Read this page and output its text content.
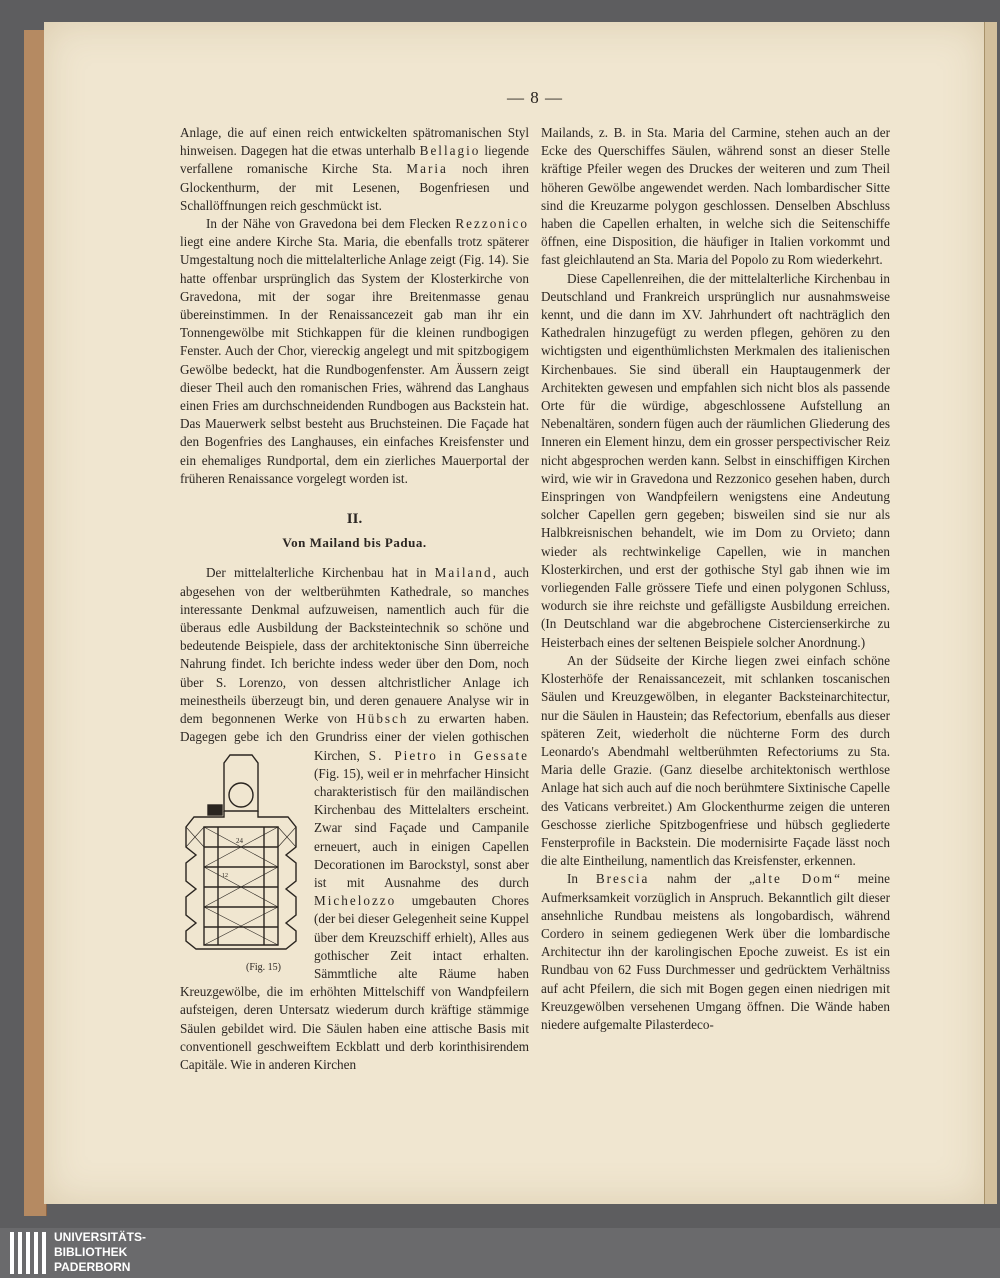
— 8 —

Anlage, die auf einen reich entwickelten spätromanischen Styl hinweisen. Dagegen hat die etwas unterhalb Bellagio liegende verfallene romanische Kirche Sta. Maria noch ihren Glockenthurm, der mit Lesenen, Bogenfriesen und Schallöffnungen reich geschmückt ist.

In der Nähe von Gravedona bei dem Flecken Rezzonico liegt eine andere Kirche Sta. Maria, die ebenfalls trotz späterer Umgestaltung noch die mittelalterliche Anlage zeigt (Fig. 14). Sie hatte offenbar ursprünglich das System der Klosterkirche von Gravedona, mit der sogar ihre Breitenmasse genau übereinstimmen. In der Renaissancezeit gab man ihr ein Tonnengewölbe mit Stichkappen für die kleinen rundbogigen Fenster. Auch der Chor, viereckig angelegt und mit spitzbogigem Gewölbe bedeckt, hat die Rundbogenfenster. Am Äussern zeigt dieser Theil auch den romanischen Fries, während das Langhaus einen Fries am durchschneidenden Rundbogen aus Backstein hat. Das Mauerwerk selbst besteht aus Bruchsteinen. Die Façade hat den Bogenfries des Langhauses, ein einfaches Kreisfenster und ein ehemaliges Rundportal, dem ein zierliches Mauerportal der früheren Renaissance vorgelegt worden ist.

II.
Von Mailand bis Padua.

Der mittelalterliche Kirchenbau hat in Mailand, auch abgesehen von der weltberühmten Kathedrale, so manches interessante Denkmal aufzuweisen, namentlich auch für die überaus edle Ausbildung der Backsteintechnik so schöne und bedeutende Beispiele, dass der architektonische Sinn überreiche Nahrung findet. Ich berichte indess weder über den Dom, noch über S. Lorenzo, von dessen altchristlicher Anlage ich meinestheils überzeugt bin, und deren genauere Analyse wir in dem begonnenen Werke von Hübsch zu erwarten haben. Dagegen gebe ich den Grundriss einer der vielen gothischen Kirchen, S. Pietro in Gessate
24
12
(Fig. 15)
(Fig. 15), weil er in mehrfacher Hinsicht charakteristisch für den mailändischen Kirchenbau des Mittelalters erscheint. Zwar sind Façade und Campanile erneuert, auch in einigen Capellen Decorationen im Barockstyl, sonst aber ist mit Ausnahme des durch Michelozzo umgebauten Chores (der bei dieser Gelegenheit seine Kuppel über dem Kreuzschiff erhielt), Alles aus gothischer Zeit intact erhalten. Sämmtliche alte Räume haben Kreuzgewölbe, die im erhöhten Mittelschiff von Wandpfeilern aufsteigen, deren Untersatz wiederum durch kräftige stämmige Säulen gebildet wird. Die Säulen haben eine attische Basis mit conventionell geschweiftem Eckblatt und derb korinthisirendem Capitäle. Wie in anderen Kirchen

Mailands, z. B. in Sta. Maria del Carmine, stehen auch an der Ecke des Querschiffes Säulen, während sonst an dieser Stelle kräftige Pfeiler wegen des Druckes der weiteren und zum Theil höheren Gewölbe angewendet werden. Nach lombardischer Sitte sind die Kreuzarme polygon geschlossen. Denselben Abschluss haben die Capellen erhalten, in welche sich die Seitenschiffe öffnen, eine Disposition, die häufiger in Italien vorkommt und fast gleichlautend an Sta. Maria del Popolo zu Rom wiederkehrt.

Diese Capellenreihen, die der mittelalterliche Kirchenbau in Deutschland und Frankreich ursprünglich nur ausnahmsweise kennt, und die dann im XV. Jahrhundert oft nachträglich den Kathedralen hinzugefügt zu werden pflegen, gehören zu den wichtigsten und eigenthümlichsten Merkmalen des italienischen Kirchenbaues. Sie sind überall ein Hauptaugenmerk der Architekten gewesen und empfahlen sich nicht blos als passende Orte für die würdige, abgeschlossene Aufstellung an Nebenaltären, sondern fügen auch der räumlichen Gliederung des Inneren ein Element hinzu, dem ein grosser perspectivischer Reiz nicht abgesprochen werden kann. Selbst in einschiffigen Kirchen wird, wie wir in Gravedona und Rezzonico gesehen haben, durch Einspringen von Wandpfeilern wenigstens eine Andeutung solcher Capellen gern gegeben; bisweilen sind sie nur als Halbkreisnischen behandelt, wie im Dom zu Orvieto; dann wieder als rechtwinkelige Capellen, wie in manchen Klosterkirchen, und erst der gothische Styl gab ihnen wie im vorliegenden Falle grössere Tiefe und einen polygonen Schluss, wodurch sie ihre reichste und gefälligste Ausbildung erreichen. (In Deutschland war die abgebrochene Cistercienserkirche zu Heisterbach eines der seltenen Beispiele solcher Anordnung.)

An der Südseite der Kirche liegen zwei einfach schöne Klosterhöfe der Renaissancezeit, mit schlanken toscanischen Säulen und Kreuzgewölben, in eleganter Backsteinarchitectur, nur die Säulen in Haustein; das Refectorium, ebenfalls aus dieser späteren Zeit, wiederholt die nüchterne Form des durch Leonardo's Abendmahl weltberühmten Refectoriums zu Sta. Maria delle Grazie. (Ganz dieselbe architektonisch werthlose Anlage hat sich auch auf die noch berühmtere Sixtinische Capelle des Vaticans verbreitet.) Am Glockenthurme zeigen die unteren Geschosse zierliche Spitzbogenfriese und hübsch gegliederte Fensterprofile in Backstein. Die modernisirte Façade lässt noch die alte Eintheilung, namentlich das Kreisfenster, erkennen.

In Brescia nahm der „alte Dom“ meine Aufmerksamkeit vorzüglich in Anspruch. Bekanntlich gilt dieser ansehnliche Rundbau meistens als longobardisch, während Cordero in seinem gediegenen Werk über die lombardische Architectur ihn der karolingischen Epoche zuweist. Es ist ein Rundbau von 62 Fuss Durchmesser und gedrücktem Verhältniss auf acht Pfeilern, die sich mit Bogen gegen einen niedrigen mit Kreuzgewölben versehenen Umgang öffnen. Die Wände haben niedere aufgemalte Pilasterdeco-

UNIVERSITÄTS-
BIBLIOTHEK
PADERBORN
